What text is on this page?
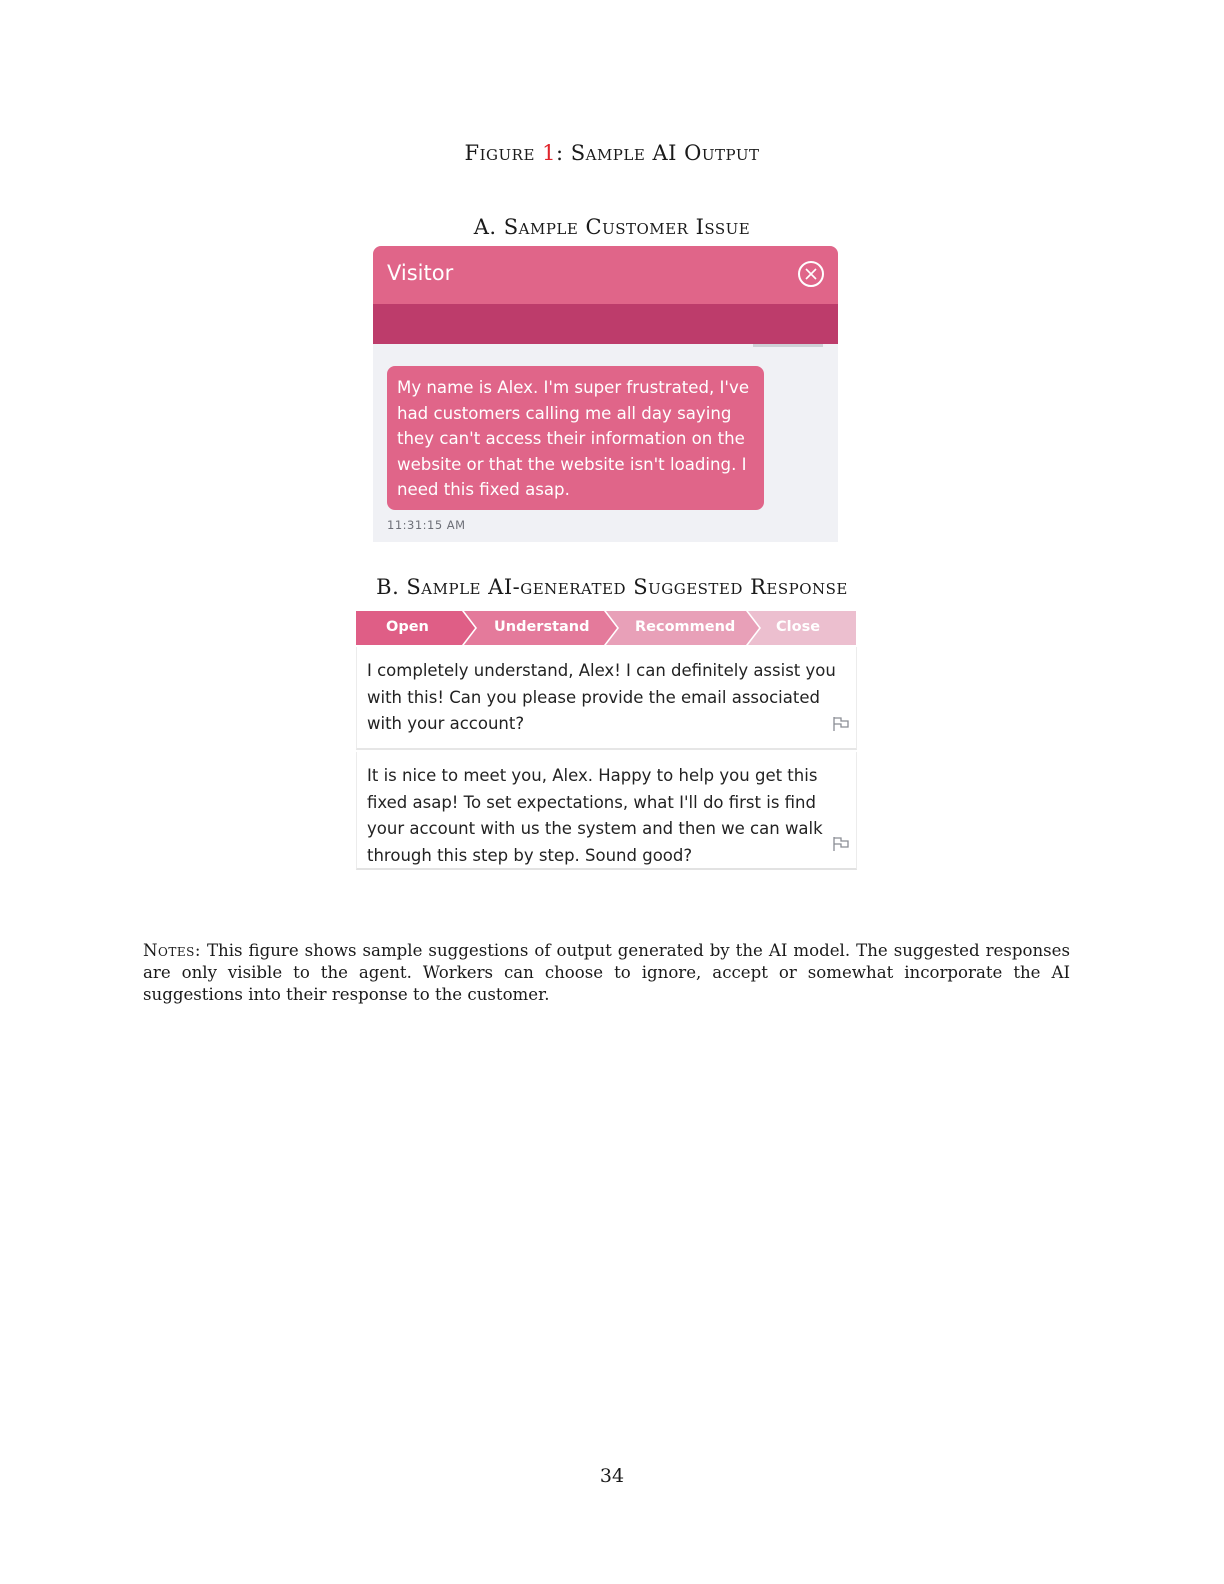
Figure 1: Sample AI Output
A. Sample Customer Issue
Visitor
My name is Alex. I'm super frustrated, I've had customers calling me all day saying they can't access their information on the website or that the website isn't loading. I need this fixed asap.
11:31:15 AM
B. Sample AI-generated Suggested Response
Open	Understand	Recommend	Close
I completely understand, Alex! I can definitely assist you with this! Can you please provide the email associated with your account?
It is nice to meet you, Alex. Happy to help you get this fixed asap! To set expectations, what I'll do first is find your account with us the system and then we can walk through this step by step. Sound good?
Notes: This figure shows sample suggestions of output generated by the AI model. The suggested responses are only visible to the agent. Workers can choose to ignore, accept or somewhat incorporate the AI suggestions into their response to the customer.
34
